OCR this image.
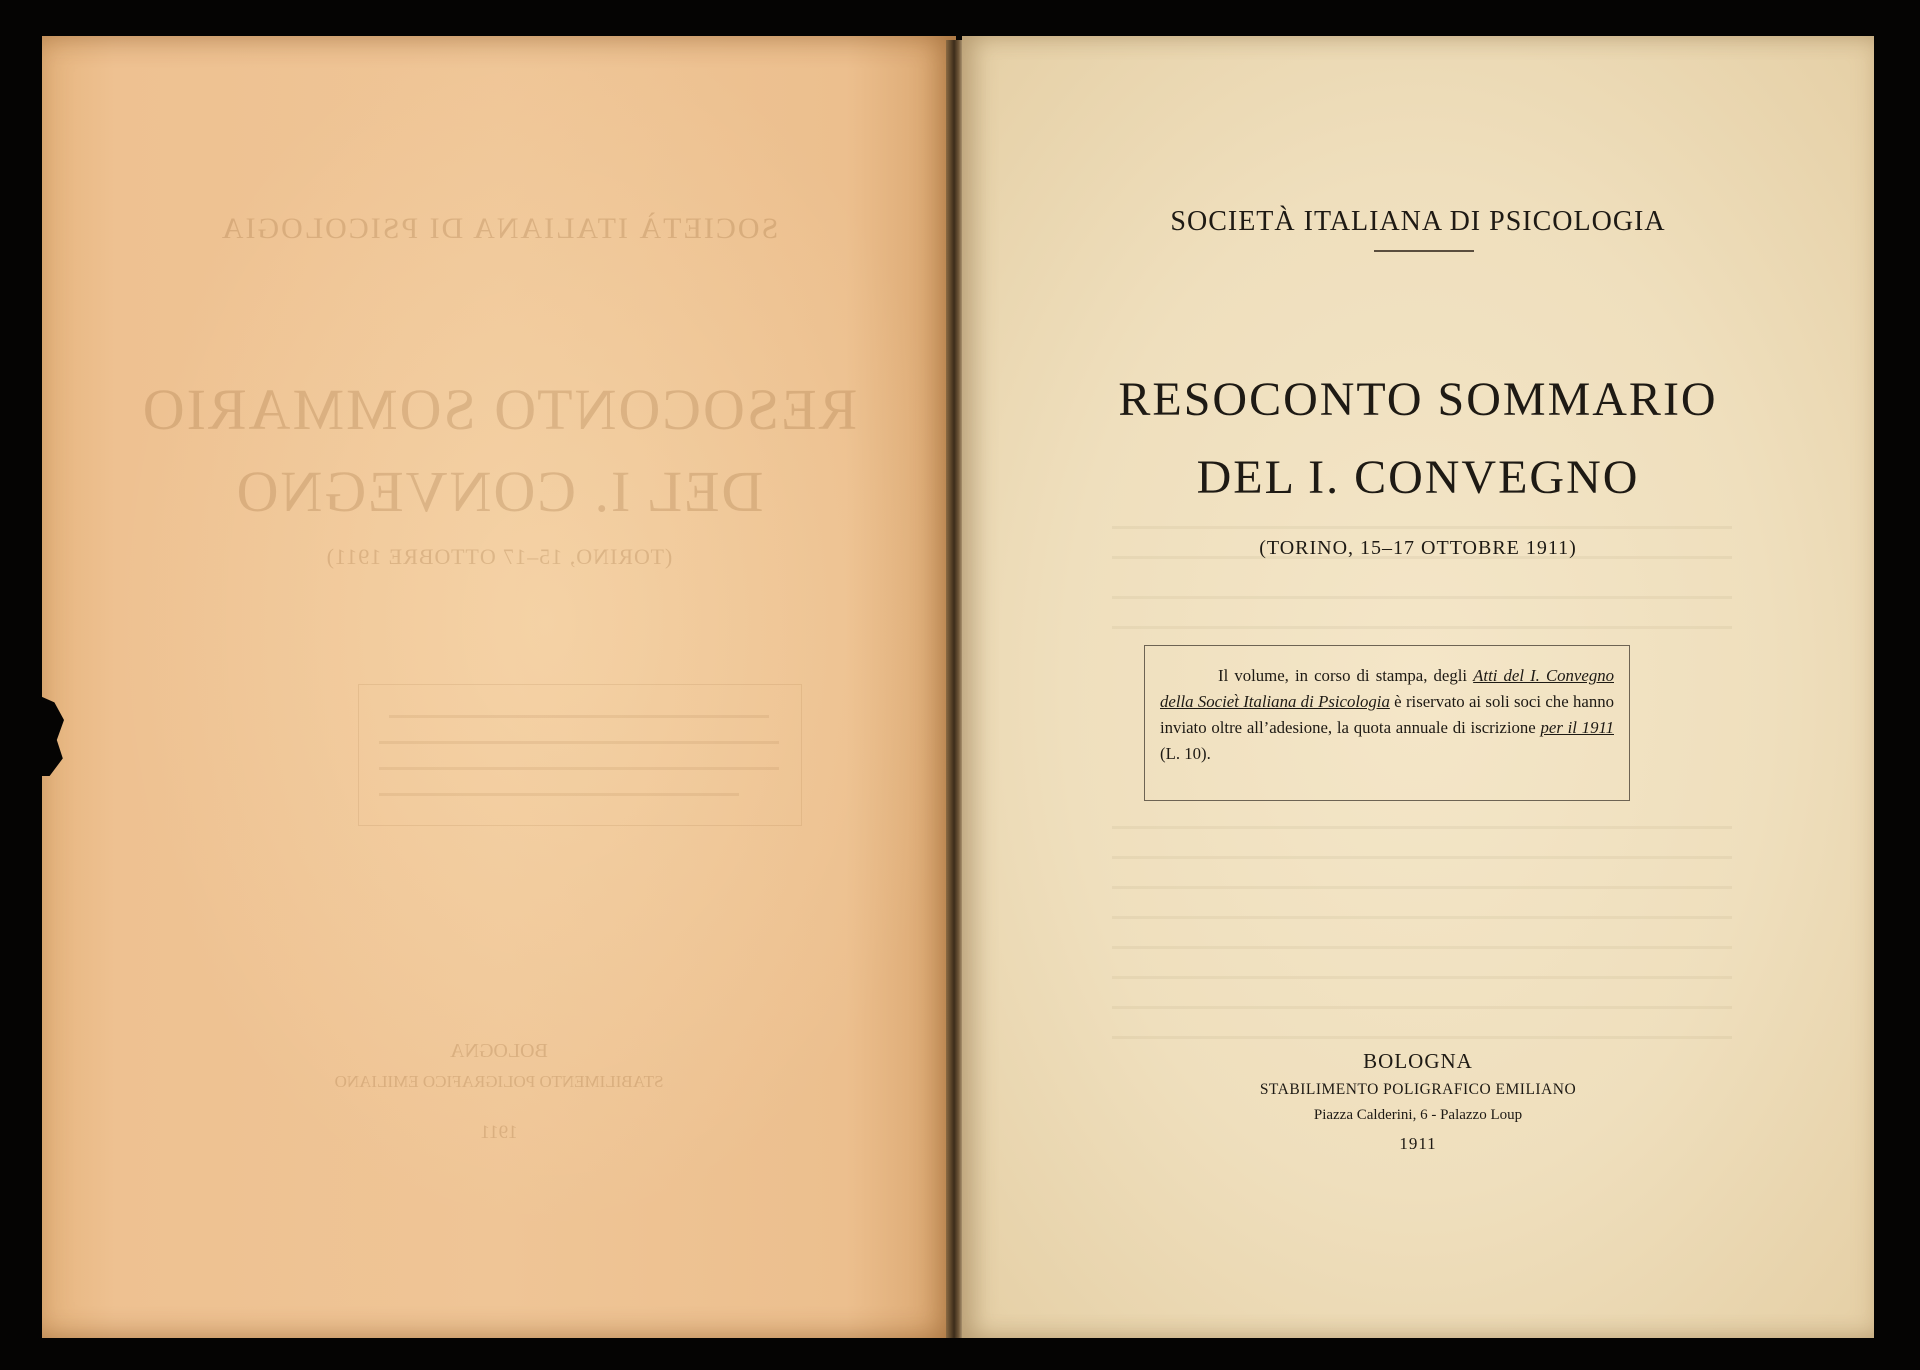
SOCIETÀ ITALIANA DI PSICOLOGIA
RESOCONTO SOMMARIO
DEL I. CONVEGNO
(TORINO, 15–17 OTTOBRE 1911)
BOLOGNA
STABILIMENTO POLIGRAFICO EMILIANO
1911
SOCIETÀ ITALIANA DI PSICOLOGIA
RESOCONTO SOMMARIO
DEL I. CONVEGNO
(TORINO, 15–17 OTTOBRE 1911)

Il volume, in corso di stampa, degli Atti del I. Convegno della Societ̀ Italiana di Psicologia è riservato ai soli soci che hanno inviato oltre all’adesione, la quota annuale di iscrizione per il 1911 (L. 10).

BOLOGNA
STABILIMENTO POLIGRAFICO EMILIANO
Piazza Calderini, 6 - Palazzo Loup
1911
